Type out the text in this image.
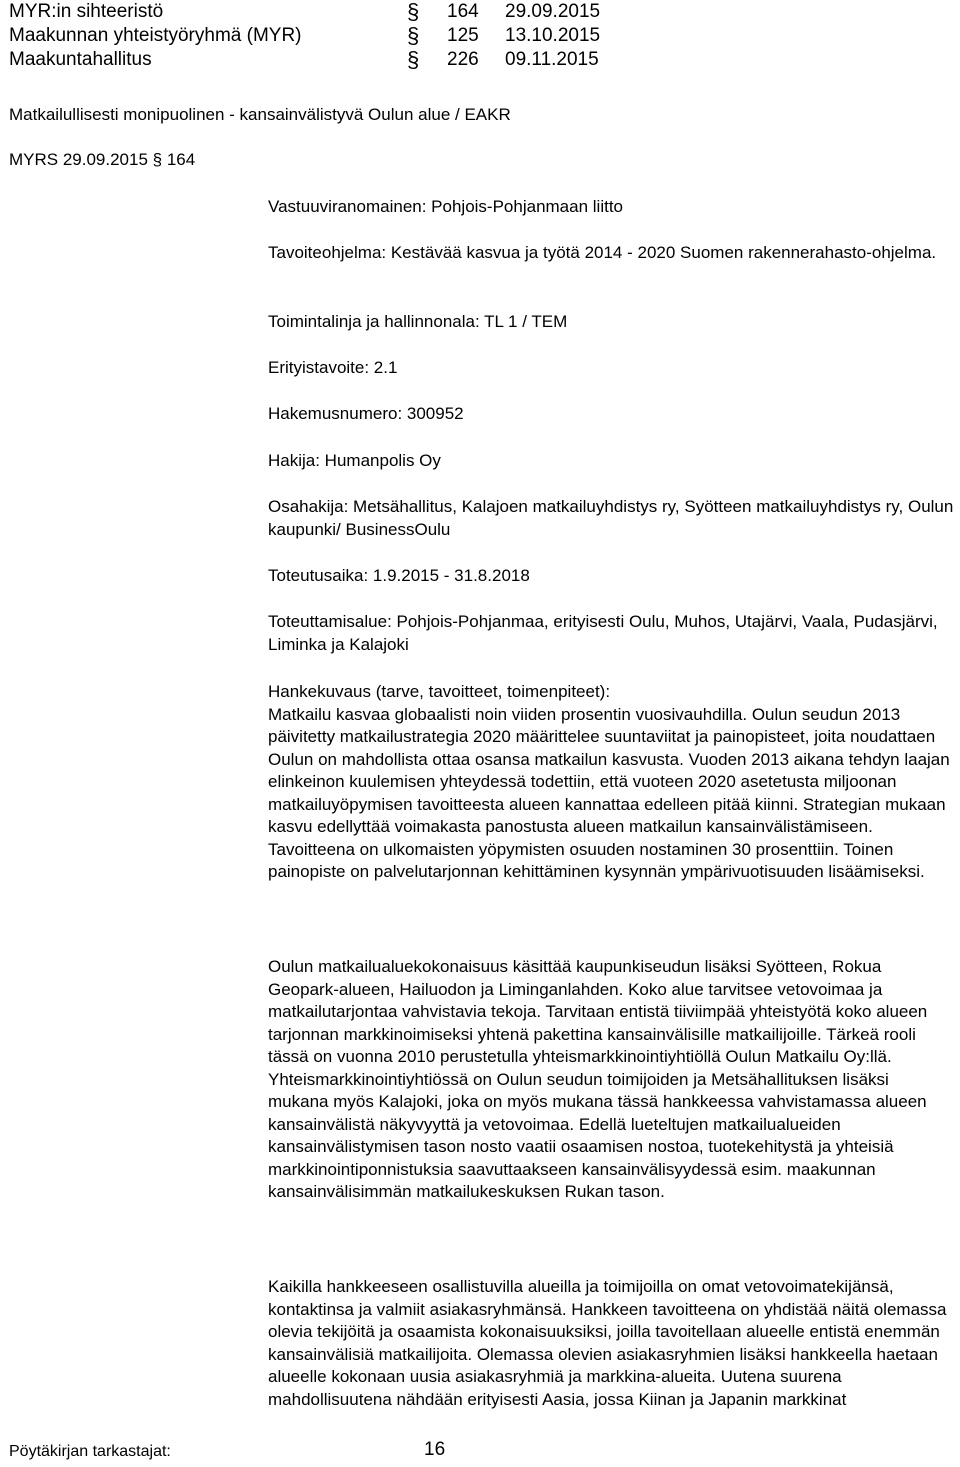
MYR:in sihteeristö	§ 164 29.09.2015
Maakunnan yhteistyöryhmä (MYR)	§ 125 13.10.2015
Maakuntahallitus	§ 226 09.11.2015
Matkailullisesti monipuolinen - kansainvälistyvä Oulun alue / EAKR
MYRS 29.09.2015 § 164
Vastuuviranomainen: Pohjois-Pohjanmaan liitto
Tavoiteohjelma: Kestävää kasvua ja työtä 2014 - 2020 Suomen rakennerahasto-ohjelma.
Toimintalinja ja hallinnonala: TL 1 / TEM
Erityistavoite: 2.1
Hakemusnumero: 300952
Hakija: Humanpolis Oy
Osahakija: Metsähallitus, Kalajoen matkailuyhdistys ry, Syötteen matkailuyhdistys ry, Oulun kaupunki/ BusinessOulu
Toteutusaika: 1.9.2015 - 31.8.2018
Toteuttamisalue: Pohjois-Pohjanmaa, erityisesti Oulu, Muhos, Utajärvi, Vaala, Pudasjärvi, Liminka ja Kalajoki

Hankekuvaus (tarve, tavoitteet, toimenpiteet):

Matkailu kasvaa globaalisti noin viiden prosentin vuosivauhdilla. Oulun seudun 2013 päivitetty matkailustrategia 2020 määrittelee suuntaviitat ja painopisteet, joita noudattaen Oulun on mahdollista ottaa osansa matkailun kasvusta. Vuoden 2013 aikana tehdyn laajan elinkeinon kuulemisen yhteydessä todettiin, että vuoteen 2020 asetetusta miljoonan matkailuyöpymisen tavoitteesta alueen kannattaa edelleen pitää kiinni. Strategian mukaan kasvu edellyttää voimakasta panostusta alueen matkailun kansainvälistämiseen. Tavoitteena on ulkomaisten yöpymisten osuuden nostaminen 30 prosenttiin. Toinen painopiste on palvelutarjonnan kehittäminen kysynnän ympärivuotisuuden lisäämiseksi.

Oulun matkailualuekokonaisuus käsittää kaupunkiseudun lisäksi Syötteen, Rokua Geopark-alueen, Hailuodon ja Liminganlahden. Koko alue tarvitsee vetovoimaa ja matkailutarjontaa vahvistavia tekoja. Tarvitaan entistä tiiviimpää yhteistyötä koko alueen tarjonnan markkinoimiseksi yhtenä pakettina kansainvälisille matkailijoille. Tärkeä rooli tässä on vuonna 2010 perustetulla yhteismarkkinointiyhtiöllä Oulun Matkailu Oy:llä. Yhteismarkkinointiyhtiössä on Oulun seudun toimijoiden ja Metsähallituksen lisäksi mukana myös Kalajoki, joka on myös mukana tässä hankkeessa vahvistamassa alueen kansainvälistä näkyvyyttä ja vetovoimaa. Edellä lueteltujen matkailualueiden kansainvälistymisen tason nosto vaatii osaamisen nostoa, tuotekehitystä ja yhteisiä markkinointiponnistuksia saavuttaakseen kansainvälisyydessä esim. maakunnan kansainvälisimmän matkailukeskuksen Rukan tason.
Kaikilla hankkeeseen osallistuvilla alueilla ja toimijoilla on omat vetovoimatekijänsä, kontaktinsa ja valmiit asiakasryhmänsä. Hankkeen tavoitteena on yhdistää näitä olemassa olevia tekijöitä ja osaamista kokonaisuuksiksi, joilla tavoitellaan alueelle entistä enemmän kansainvälisiä matkailijoita. Olemassa olevien asiakasryhmien lisäksi hankkeella haetaan alueelle kokonaan uusia asiakasryhmiä ja markkina-alueita. Uutena suurena mahdollisuutena nähdään erityisesti Aasia, jossa Kiinan ja Japanin markkinat
Pöytäkirjan tarkastajat:	16
